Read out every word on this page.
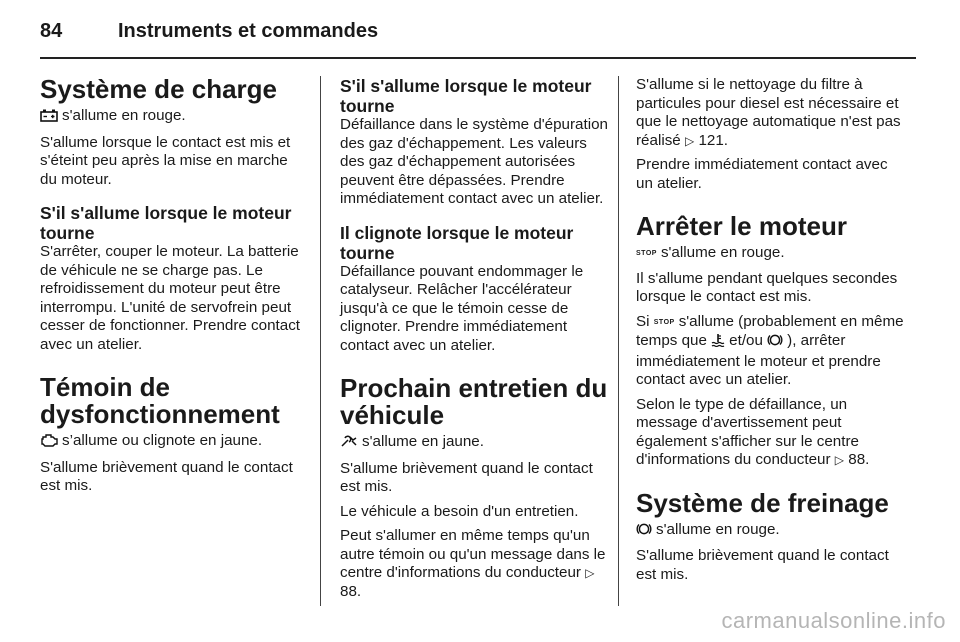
84	Instruments et commandes
Système de charge

s'allume en rouge.

S'allume lorsque le contact est mis et s'éteint peu après la mise en marche du moteur.

S'il s'allume lorsque le moteur tourne

S'arrêter, couper le moteur. La batterie de véhicule ne se charge pas. Le refroidissement du moteur peut être interrompu. L'unité de servofrein peut cesser de fonctionner. Prendre contact avec un atelier.

Témoin de dysfonctionnement

s’allume ou clignote en jaune.

S'allume brièvement quand le contact est mis.

S'il s'allume lorsque le moteur tourne

Défaillance dans le système d'épuration des gaz d'échappement. Les valeurs des gaz d'échappement autorisées peuvent être dépassées. Prendre immédiatement contact avec un atelier.

Il clignote lorsque le moteur tourne

Défaillance pouvant endommager le catalyseur. Relâcher l'accélérateur jusqu'à ce que le témoin cesse de clignoter. Prendre immédiatement contact avec un atelier.

Prochain entretien du véhicule

s'allume en jaune.

S'allume brièvement quand le contact est mis.

Le véhicule a besoin d'un entretien.

Peut s'allumer en même temps qu'un autre témoin ou qu'un message dans le centre d'informations du conducteur ▷ 88.

S'allume si le nettoyage du filtre à particules pour diesel est nécessaire et que le nettoyage automatique n'est pas réalisé ▷ 121.

Prendre immédiatement contact avec un atelier.

Arrêter le moteur

STOP s'allume en rouge.

Il s'allume pendant quelques secondes lorsque le contact est mis.

Si STOP s'allume (probablement en même temps que et/ou ), arrêter immédiatement le moteur et prendre contact avec un atelier.

Selon le type de défaillance, un message d'avertissement peut également s'afficher sur le centre d'informations du conducteur ▷ 88.

Système de freinage

s'allume en rouge.

S'allume brièvement quand le contact est mis.

carmanualsonline.info
